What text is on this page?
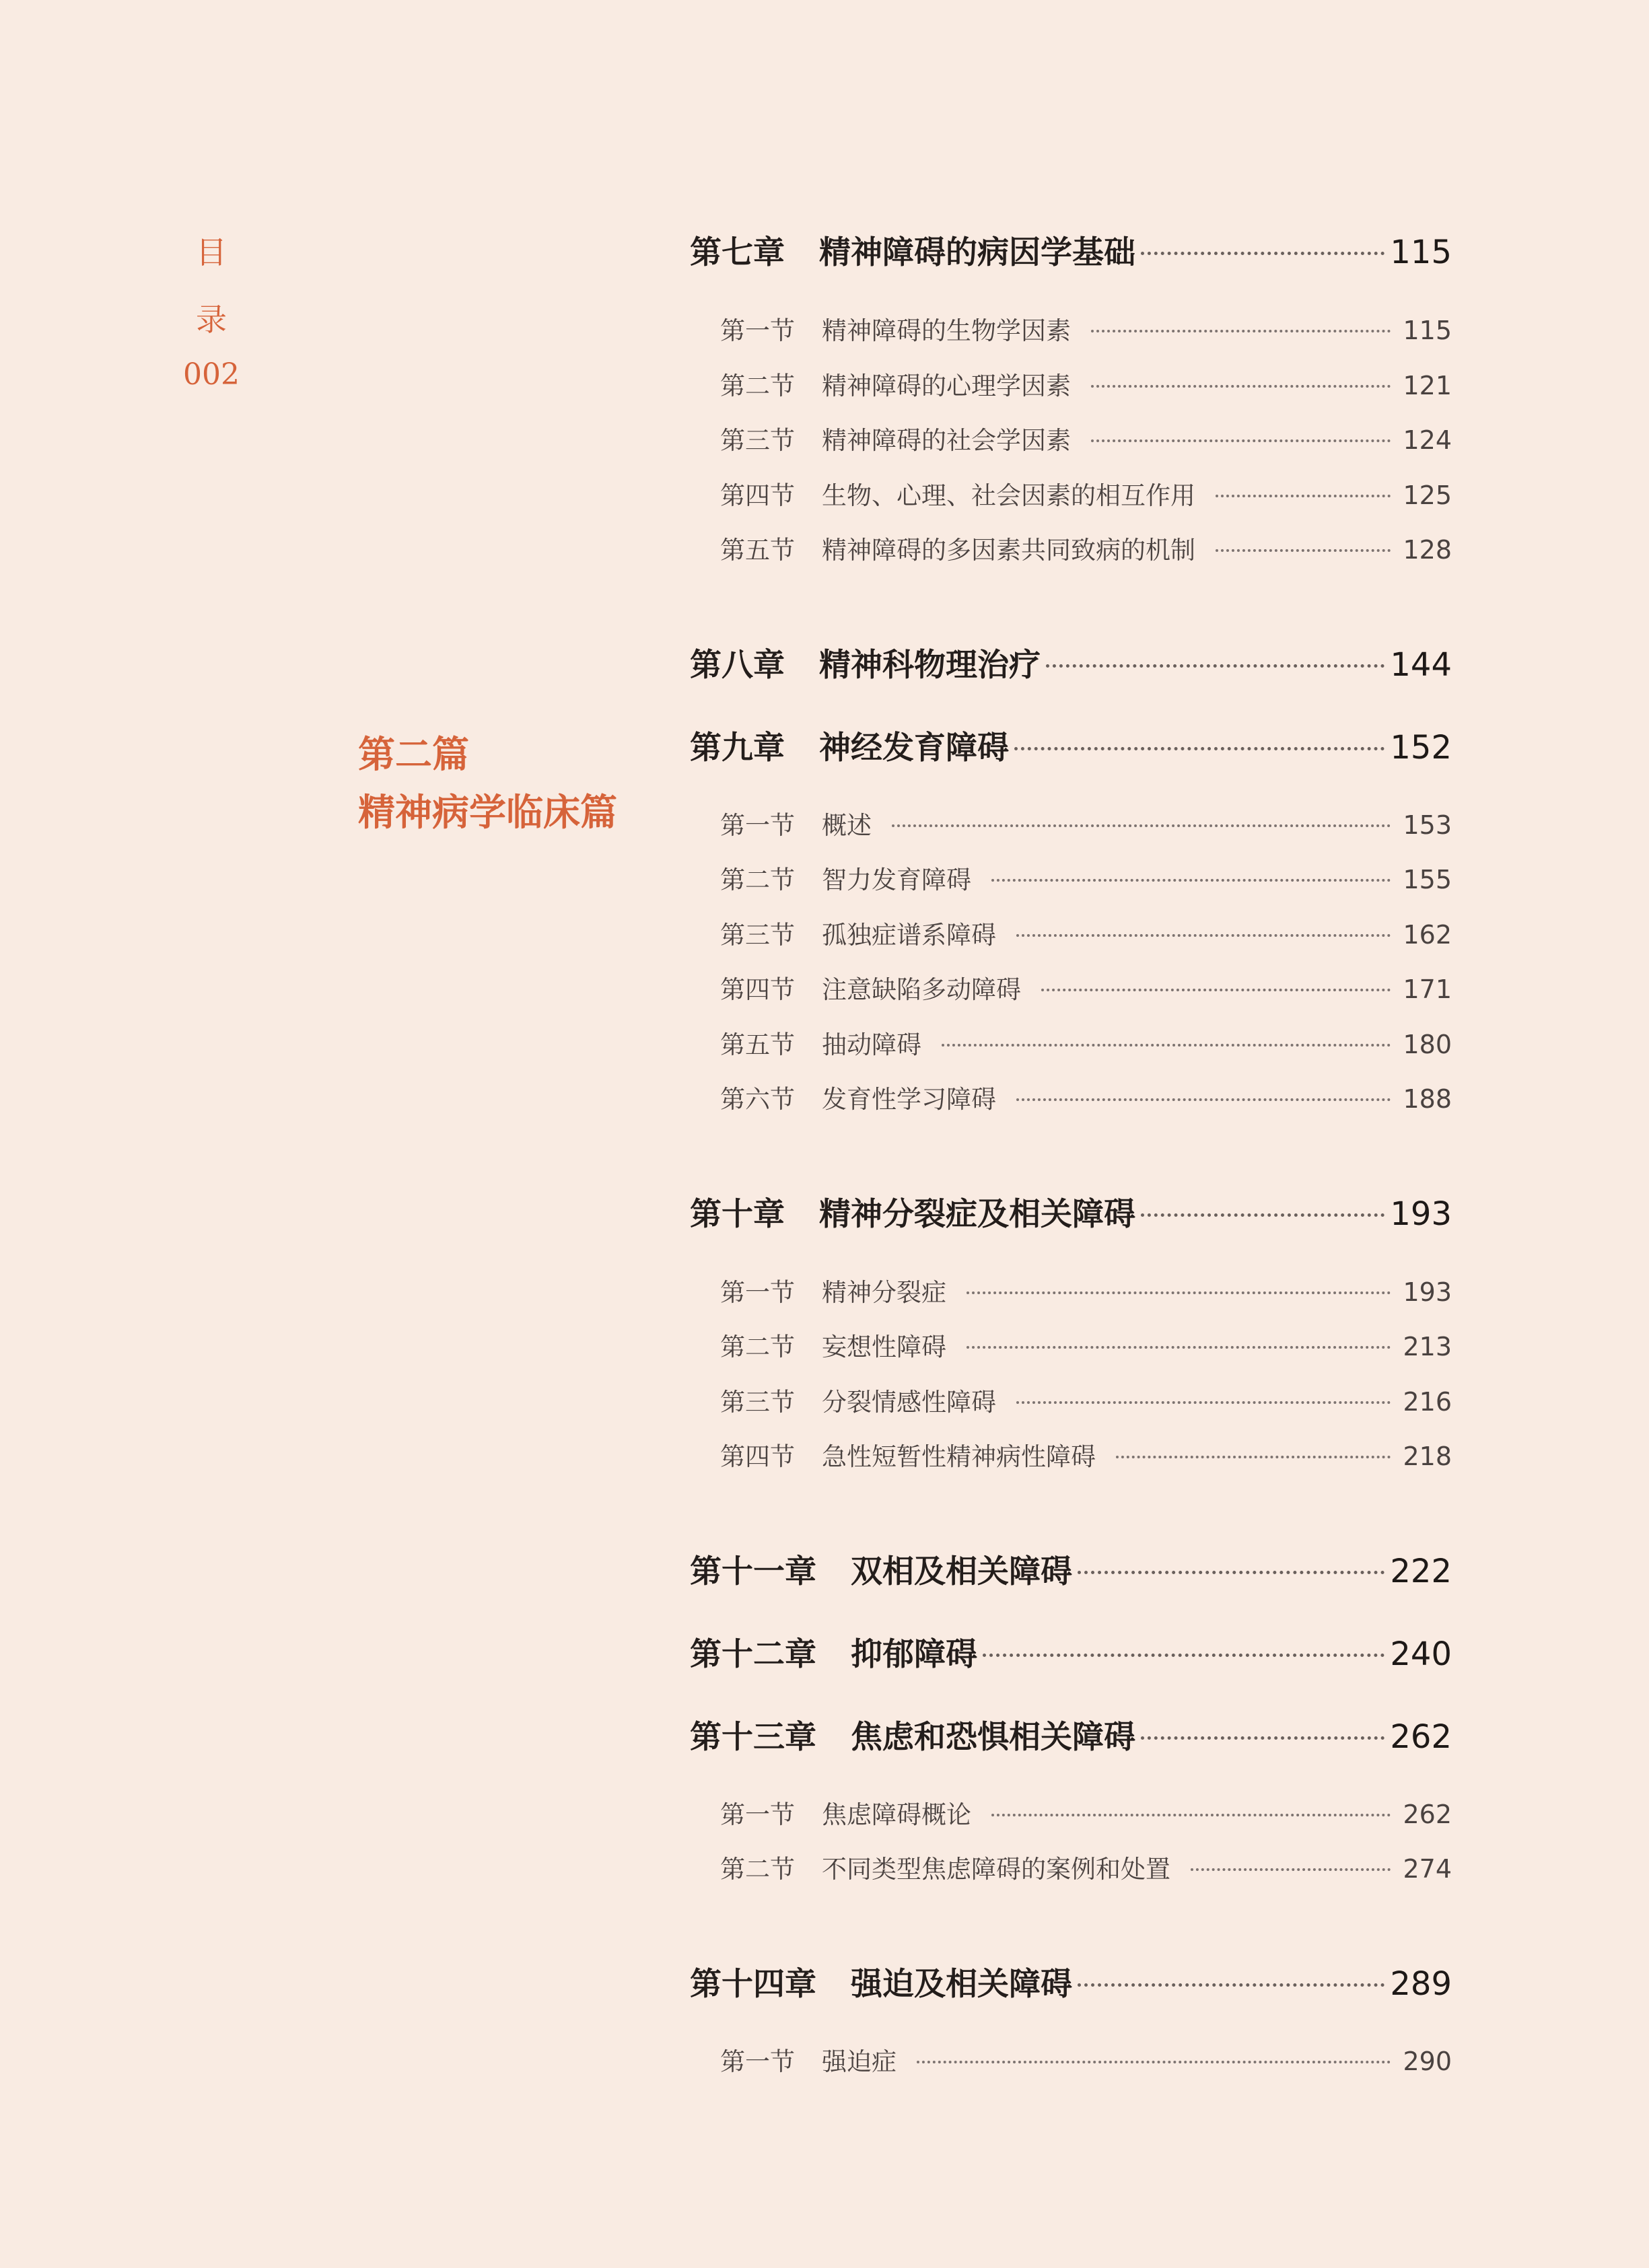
目
录
002
第二篇
精神病学临床篇
第七章 精神障碍的病因学基础	115
第一节 精神障碍的生物学因素	115
第二节 精神障碍的心理学因素	121
第三节 精神障碍的社会学因素	124
第四节 生物、心理、社会因素的相互作用	125
第五节 精神障碍的多因素共同致病的机制	128
第八章 精神科物理治疗	144
第九章 神经发育障碍	152
第一节 概述	153
第二节 智力发育障碍	155
第三节 孤独症谱系障碍	162
第四节 注意缺陷多动障碍	171
第五节 抽动障碍	180
第六节 发育性学习障碍	188
第十章 精神分裂症及相关障碍	193
第一节 精神分裂症	193
第二节 妄想性障碍	213
第三节 分裂情感性障碍	216
第四节 急性短暂性精神病性障碍	218
第十一章 双相及相关障碍	222
第十二章 抑郁障碍	240
第十三章 焦虑和恐惧相关障碍	262
第一节 焦虑障碍概论	262
第二节 不同类型焦虑障碍的案例和处置	274
第十四章 强迫及相关障碍	289
第一节 强迫症	290
